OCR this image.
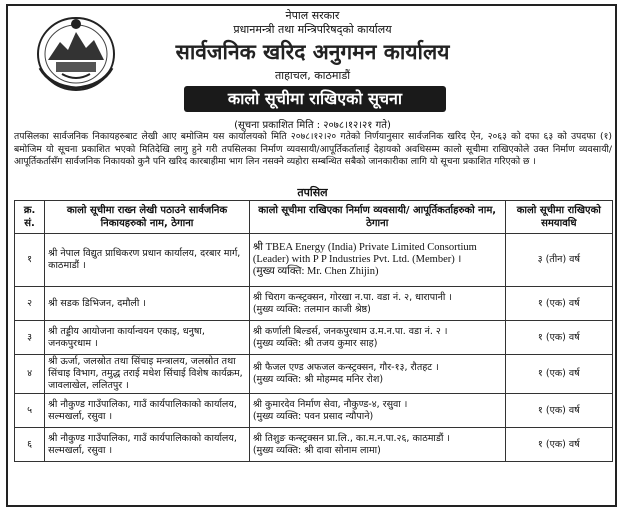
नेपाल सरकार
प्रधानमन्त्री तथा मन्त्रिपरिषद्को कार्यालय
सार्वजनिक खरिद अनुगमन कार्यालय
ताहाचल, काठमाडौं
कालो सूचीमा राखिएको सूचना
(सूचना प्रकाशित मिति : २०७८।१२।२१ गते)
तपसिलका सार्वजनिक निकायहरुबाट लेखी आए बमोजिम यस कार्यालयको मिति २०७८।१२।२० गतेको निर्णयानुसार सार्वजनिक खरिद ऐन, २०६३ को दफा ६३ को उपदफा (१) बमोजिम यो सूचना प्रकाशित भएको मितिदेखि लागु हुने गरी तपसिलका निर्माण व्यवसायी/आपूर्तिकर्तालाई देहायको अवधिसम्म कालो सूचीमा राखिएकोले उक्त निर्माण व्यवसायी/आपूर्तिकर्तासँग सार्वजनिक निकायको कुनै पनि खरिद कारबाहीमा भाग लिन नसक्ने व्यहोरा सम्बन्धित सबैको जानकारीका लागि यो सूचना प्रकाशित गरिएको छ ।
तपसिल
क्र. सं.	कालो सूचीमा राख्न लेखी पठाउने सार्वजनिक निकायहरुको नाम, ठेगाना	कालो सूचीमा राखिएका निर्माण व्यवसायी/ आपूर्तिकर्ताहरुको नाम, ठेगाना	कालो सूचीमा राखिएको समयावधि
१	श्री नेपाल विद्युत प्राधिकरण प्रधान कार्यालय, दरबार मार्ग, काठमाडौं ।	श्री TBEA Energy (India) Private Limited Consortium (Leader) with P P Industries Pvt. Ltd. (Member) ।
(मुख्य व्यक्ति: Mr. Chen Zhijin)	३ (तीन) वर्ष
२	श्री सडक डिभिजन, दमौली ।	श्री चिराग कन्स्ट्रक्सन, गोरखा न.पा. वडा नं. २, धारापानी ।
(मुख्य व्यक्ति: तलमान काजी श्रेष्ठ)	१ (एक) वर्ष
३	श्री तड्डीय आयोजना कार्यान्वयन एकाइ, धनुषा, जनकपुरधाम ।	श्री कर्णाली बिल्डर्स, जनकपुरधाम उ.म.न.पा. वडा नं. २ ।
(मुख्य व्यक्ति: श्री तजय कुमार साह)	१ (एक) वर्ष
४	श्री ऊर्जा, जलस्रोत तथा सिंचाइ मन्त्रालय, जलस्रोत तथा सिंचाइ विभाग, तमुद्ध तराई मधेश सिंचाई विशेष कार्यक्रम, जावलाखेल, ललितपुर ।	श्री फैजल एण्ड अफजल कन्स्ट्रक्सन, गौर-१३, रौतहट ।
(मुख्य व्यक्ति: श्री मोहम्मद मनिर रोश)	१ (एक) वर्ष
५	श्री नौकुण्ड गाउँपालिका, गाउँ कार्यपालिकाको कार्यालय, सल्मखर्ला, रसुवा ।	श्री कुमारदेव निर्माण सेवा, नौकुण्ड-४, रसुवा ।
(मुख्य व्यक्ति: पवन प्रसाद न्यौपाने)	१ (एक) वर्ष
६	श्री नौकुण्ड गाउँपालिका, गाउँ कार्यपालिकाको कार्यालय, सल्मखर्ला, रसुवा ।	श्री तिशुङ कन्स्ट्रक्सन प्रा.लि., का.म.न.पा.२६, काठमाडौं ।
(मुख्य व्यक्ति: श्री दावा सोनाम लामा)	१ (एक) वर्ष
